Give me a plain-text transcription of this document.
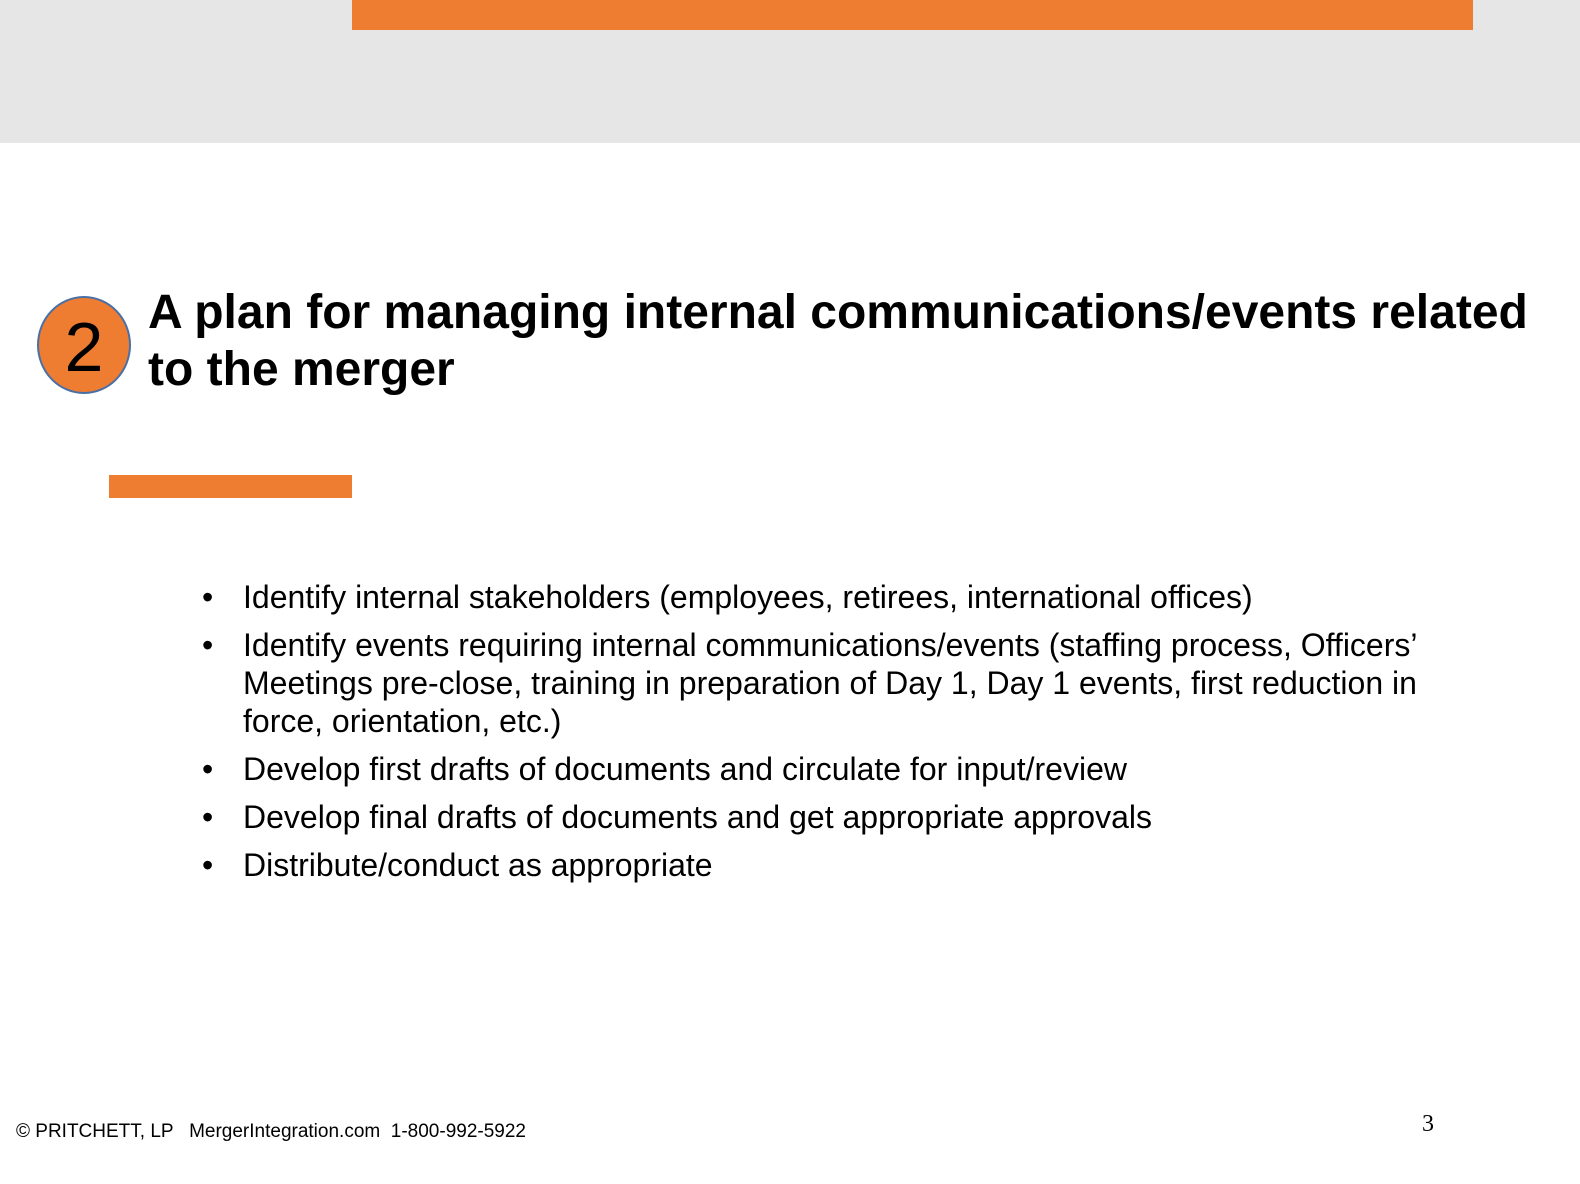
2 A plan for managing internal communications/events related to the merger
• Identify internal stakeholders (employees, retirees, international offices)
• Identify events requiring internal communications/events (staffing process, Officers’ Meetings pre-close, training in preparation of Day 1, Day 1 events, first reduction in force, orientation, etc.)
• Develop first drafts of documents and circulate for input/review
• Develop final drafts of documents and get appropriate approvals
• Distribute/conduct as appropriate
© PRITCHETT, LP   MergerIntegration.com  1-800-992-5922	3
